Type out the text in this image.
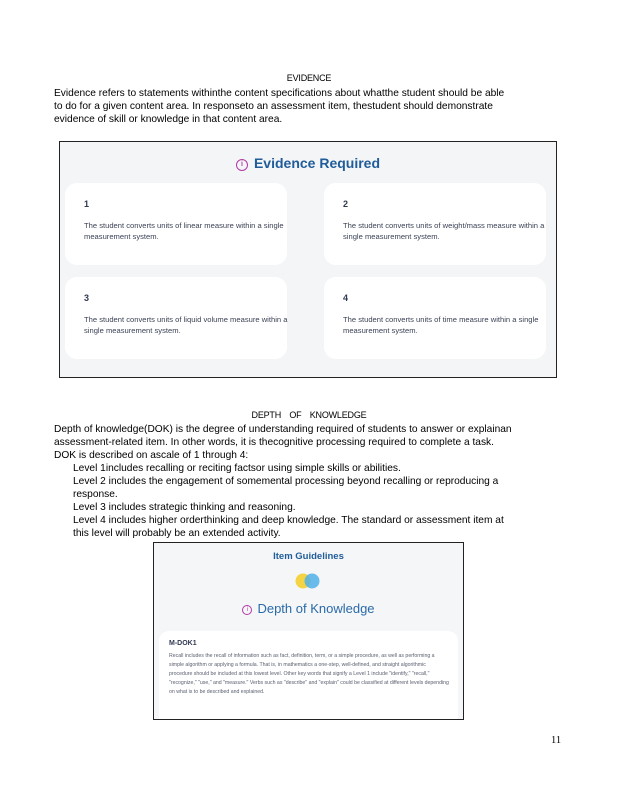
EVIDENCE
Evidence refers to statements withinthe content specifications about whatthe student should be able
to do for a given content area. In responseto an assessment item, thestudent should demonstrate
evidence of skill or knowledge in that content area.
i Evidence Required
1
The student converts units of linear measure within a single measurement system.
2
The student converts units of weight/mass measure within a single measurement system.
3
The student converts units of liquid volume measure within a single measurement system.
4
The student converts units of time measure within a single measurement system.
DEPTH OF KNOWLEDGE
Depth of knowledge(DOK) is the degree of understanding required of students to answer or explainan
assessment-related item. In other words, it is thecognitive processing required to complete a task.
DOK is described on ascale of 1 through 4:
Level 1includes recalling or reciting factsor using simple skills or abilities.
Level 2 includes the engagement of somemental processing beyond recalling or reproducing a
response.
Level 3 includes strategic thinking and reasoning.
Level 4 includes higher orderthinking and deep knowledge. The standard or assessment item at
this level will probably be an extended activity.
Item Guidelines
i Depth of Knowledge
M-DOK1
Recall includes the recall of information such as fact, definition, term, or a simple procedure, as well as performing a simple algorithm or applying a formula. That is, in mathematics a one-step, well-defined, and straight algorithmic procedure should be included at this lowest level. Other key words that signify a Level 1 include "identify," "recall," "recognize," "use," and "measure." Verbs such as "describe" and "explain" could be classified at different levels depending on what is to be described and explained.
11
